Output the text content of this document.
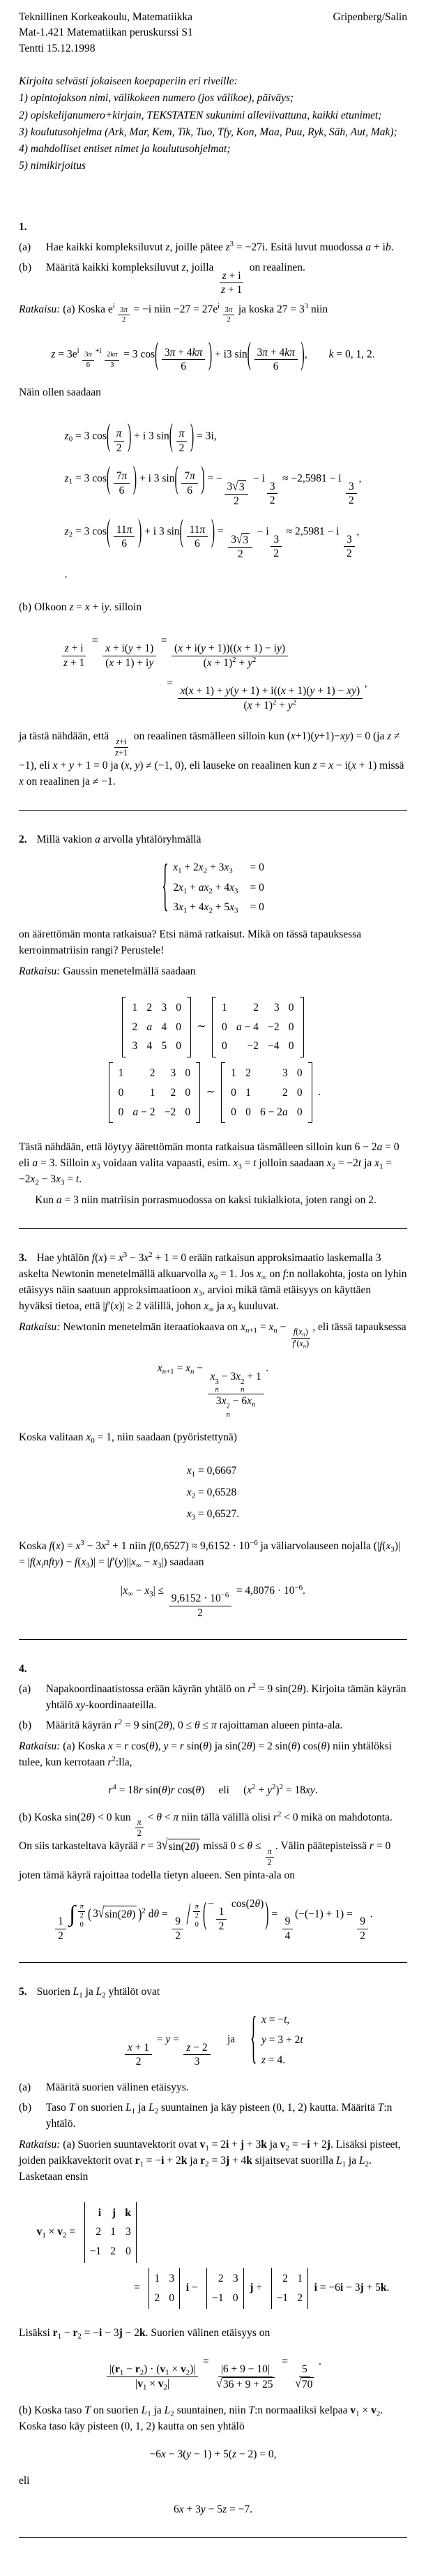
Teknillinen Korkeakoulu, Matematiikka
Mat-1.421 Matematiikan peruskurssi S1
Tentti 15.12.1998
Gripenberg/Salin
Kirjoita selvästi jokaiseen koepaperiin eri riveille:
1) opintojakson nimi, välikokeen numero (jos välikoe), päiväys;
2) opiskelijanumero+kirjain, TEKSTATEN sukunimi alleviivattuna, kaikki etunimet;
3) koulutusohjelma (Ark, Mar, Kem, Tik, Tuo, Tfy, Kon, Maa, Puu, Ryk, Säh, Aut, Mak);
4) mahdolliset entiset nimet ja koulutusohjelmat;
5) nimikirjoitus
1.
(a)	Hae kaikki kompleksiluvut z, joille pätee $z^3 = -27i$. Esitä luvut muodossa a + ib.
(b)	Määritä kaikki kompleksiluvut z, joilla
$\frac{z + i}{z + 1}$
on reaalinen.
Ratkaisu: (a) Koska $e^{i \frac{3\pi}{2}} = -i$ niin $-27 = 27e^{i \frac{3\pi}{2}}$ ja koska $27 = 3^3$ niin
$z = 3e^{i \frac{3\pi}{6} +i \frac{2k\pi}{3}} = 3$ cos ( $\frac{3\pi + 4k\pi}{6}$ ) + i3 sin ( $\frac{3\pi + 4k\pi}{6}$ ) , k = 0, 1, 2.
Näin ollen saadaan
$z_0 = 3$ cos ( $\frac{\pi}{2}$ ) + i 3 sin ( $\frac{\pi}{2}$ ) = 3i,
$z_1 = 3$ cos ( $\frac{7\pi}{6}$ ) + i 3 sin ( $\frac{7\pi}{6}$ ) = −
$\frac{3 √ 3}{2}$
− i
$\frac{3}{2}$
≈ −2,5981 − i
$\frac{3}{2}$
,
$z_2 = 3$ cos ( $\frac{11\pi}{6}$ ) + i 3 sin ( $\frac{11\pi}{6}$ ) =
$\frac{3 √ 3}{2}$
− i
$\frac{3}{2}$
≈ 2,5981 − i
$\frac{3}{2}$
,
.
(b) Olkoon z = x + iy. silloin
$\frac{z + i}{z + 1}$
=
$\frac{x + i(y + 1)}{(x + 1) + iy}$
=
$\frac{(x + i(y + 1))((x + 1) - iy)}{(x + 1)^2 + y^2}$
=
$\frac{x(x + 1) + y(y + 1) + i((x + 1)(y + 1) - xy)}{(x + 1)^2 + y^2}$
,
ja tästä nähdään, että
$\frac{z+i}{z+1}$
on reaalinen täsmälleen silloin kun (x+1)(y+1)−xy) = 0 (ja z ≠ −1), eli x + y + 1 = 0 ja (x, y) ≠ (−1, 0), eli lauseke on reaalinen kun z = x − i(x + 1) missä x on reaalinen ja ≠ −1.
2. Millä vakion a arvolla yhtälöryhmällä
{ $x_1 + 2x_2 + 3x_3 = 0$
$2x_1 + ax_2 + 4x_3 = 0$
$3x_1 + 4x_2 + 5x_3 = 0$
on äärettömän monta ratkaisua? Etsi nämä ratkaisut. Mikä on tässä tapauksessa kerroinmatriisin rangi? Perustele!
Ratkaisu: Gaussin menetelmällä saadaan
1 2 3 0
2 a 4 0
3 4 5 0
∼
1	2	3 0
0 a − 4 −2 0
0	−2 −4 0
1	2	3 0
0	1	2 0
0 a − 2 −2 0
∼
1 2	3 0
0 1	2 0
0 0 6 − 2a 0
.
Tästä nähdään, että löytyy äärettömän monta ratkaisua täsmälleen silloin kun 6 − 2a = 0 eli a = 3. Silloin $x_3$ voidaan valita vapaasti, esim. $x_3 = t$ jolloin saadaan $x_2 = -2t$ ja $x_1 = -2x_2 - 3x_3 = t$.
Kun a = 3 niin matriisin porrasmuodossa on kaksi tukialkiota, joten rangi on 2.
3. Hae yhtälön $f(x) = x^3 - 3x^2 + 1 = 0$ erään ratkaisun approksimaatio laskemalla 3 askelta Newtonin menetelmällä alkuarvolla $x_0 = 1$. Jos $x_\infty$ on f:n nollakohta, josta on lyhin etäisyys näin saatuun approksimaatioon $x_3$, arvioi mikä tämä etäisyys on käyttäen hyväksi tietoa, että |f′(x)| ≥ 2 välillä, johon $x_\infty$ ja $x_3$ kuuluvat.
Ratkaisu: Newtonin menetelmän iteraatiokaava on $x_{n+1} = x_n$ −
$\frac{f(x_n)}{f'(x_n)}$
, eli tässä tapauksessa
$x_{n+1} = x_n$ −
x 3
n
− 3x 2
n
+ 1
3x 2
n
− $6x_n$
.
Koska valitaan $x_0 = 1$, niin saadaan (pyöristettynä)
$x_1 = 0,6667$
$x_2 = 0,6528$
$x_3 = 0,6527$.
Koska $f(x) = x^3 - 3x^2 + 1$ niin $f(0,6527) \approx 9,6152 \cdot 10^{-6}$ ja väliarvolauseen nojalla ($|f(x_3)|$ = $|f(x_infty) - f(x_3)| = |f'(y)||x_\infty - x_3|$) saadaan
$|x_\infty - x_3|$ ≤
$\frac{9,6152 \cdot 10^{-6}}{2}$
= $4,8076 \cdot 10^{-6}$.
4.
(a)	Napakoordinaatistossa erään käyrän yhtälö on $r^2 = 9$ sin(2θ). Kirjoita tämän käyrän yhtälö xy-koordinaateilla.
(b)	Määritä käyrän $r^2 = 9$ sin(2θ), 0 ≤ θ ≤ π rajoittaman alueen pinta-ala.
Ratkaisu: (a) Koska x = r cos(θ), y = r sin(θ) ja sin(2θ) = 2 sin(θ) cos(θ) niin yhtälöksi tulee, kun kerrotaan $r^2:lla$,
$r^4 = 18r$ sin(θ)r cos(θ) eli $(x^2 + y^2)^2 = 18xy$.
(b) Koska sin(2θ) < 0 kun
$\frac{\pi}{2}$
< θ < π niin tällä välillä olisi $r^2 < 0$ mikä on mahdotonta. On siis tarkasteltava käyrää r = 3 √ sin(2θ) missä 0 ≤ θ ≤
$\frac{\pi}{2}$
. Välin päätepisteissä r = 0 joten tämä käyrä rajoittaa todella tietyn alueen. Sen pinta-ala on
$\frac{1}{2}$
∫ $\frac{\pi}{2}$
0
( 3 √ sin(2θ) ) $^2$ dθ =
$\frac{9}{2} / \frac{\pi}{2}$
0 ( −
$\frac{1}{2}$
cos(2θ) ) =
$\frac{9}{4}$
(−(−1) + 1) =
$\frac{9}{2}$
.
5. Suorien $L_1$ ja $L_2$ yhtälöt ovat
$\frac{x + 1}{2}$
= y =
$\frac{z - 2}{3}$
ja { x = −t,
y = 3 + 2t
z = 4.
(a)	Määritä suorien välinen etäisyys.
(b)	Taso T on suorien $L_1$ ja $L_2$ suuntainen ja käy pisteen (0, 1, 2) kautta. Määritä T:n yhtälö.
Ratkaisu: (a) Suorien suuntavektorit ovat $v_1 = 2i + j + 3k$ ja $v_2 = -i + 2j$. Lisäksi pisteet, joiden paikkavektorit ovat $r_1 = -i + 2k$ ja $r_2 = 3j + 4k$ sijaitsevat suorilla $L_1$ ja $L_2$. Lasketaan ensin
$v_1 \times v_2$ =
i j k
2 1 3
−1 2 0
=
1 3
2 0
i −
2 3
−1 0
j +
2 1
−1 2
i = −6i − 3j + 5k.
Lisäksi $r_1 - r_2 = -i - 3j - 2k$. Suorien välinen etäisyys on
$\frac{|(r_1 - r_2) \cdot (v_1 \times v_2)|}{|v_1 \times v_2|}$
=
$\frac{|6 + 9 - 10|}{√ 36 + 9 + 25}$
=
$\frac{5}{√ 70}$
.
(b) Koska taso T on suorien $L_1$ ja $L_2$ suuntainen, niin T:n normaaliksi kelpaa $v_1 \times v_2$. Koska taso käy pisteen (0, 1, 2) kautta on sen yhtälö
−6x − 3(y − 1) + 5(z − 2) = 0,
eli
6x + 3y − 5z = −7.
